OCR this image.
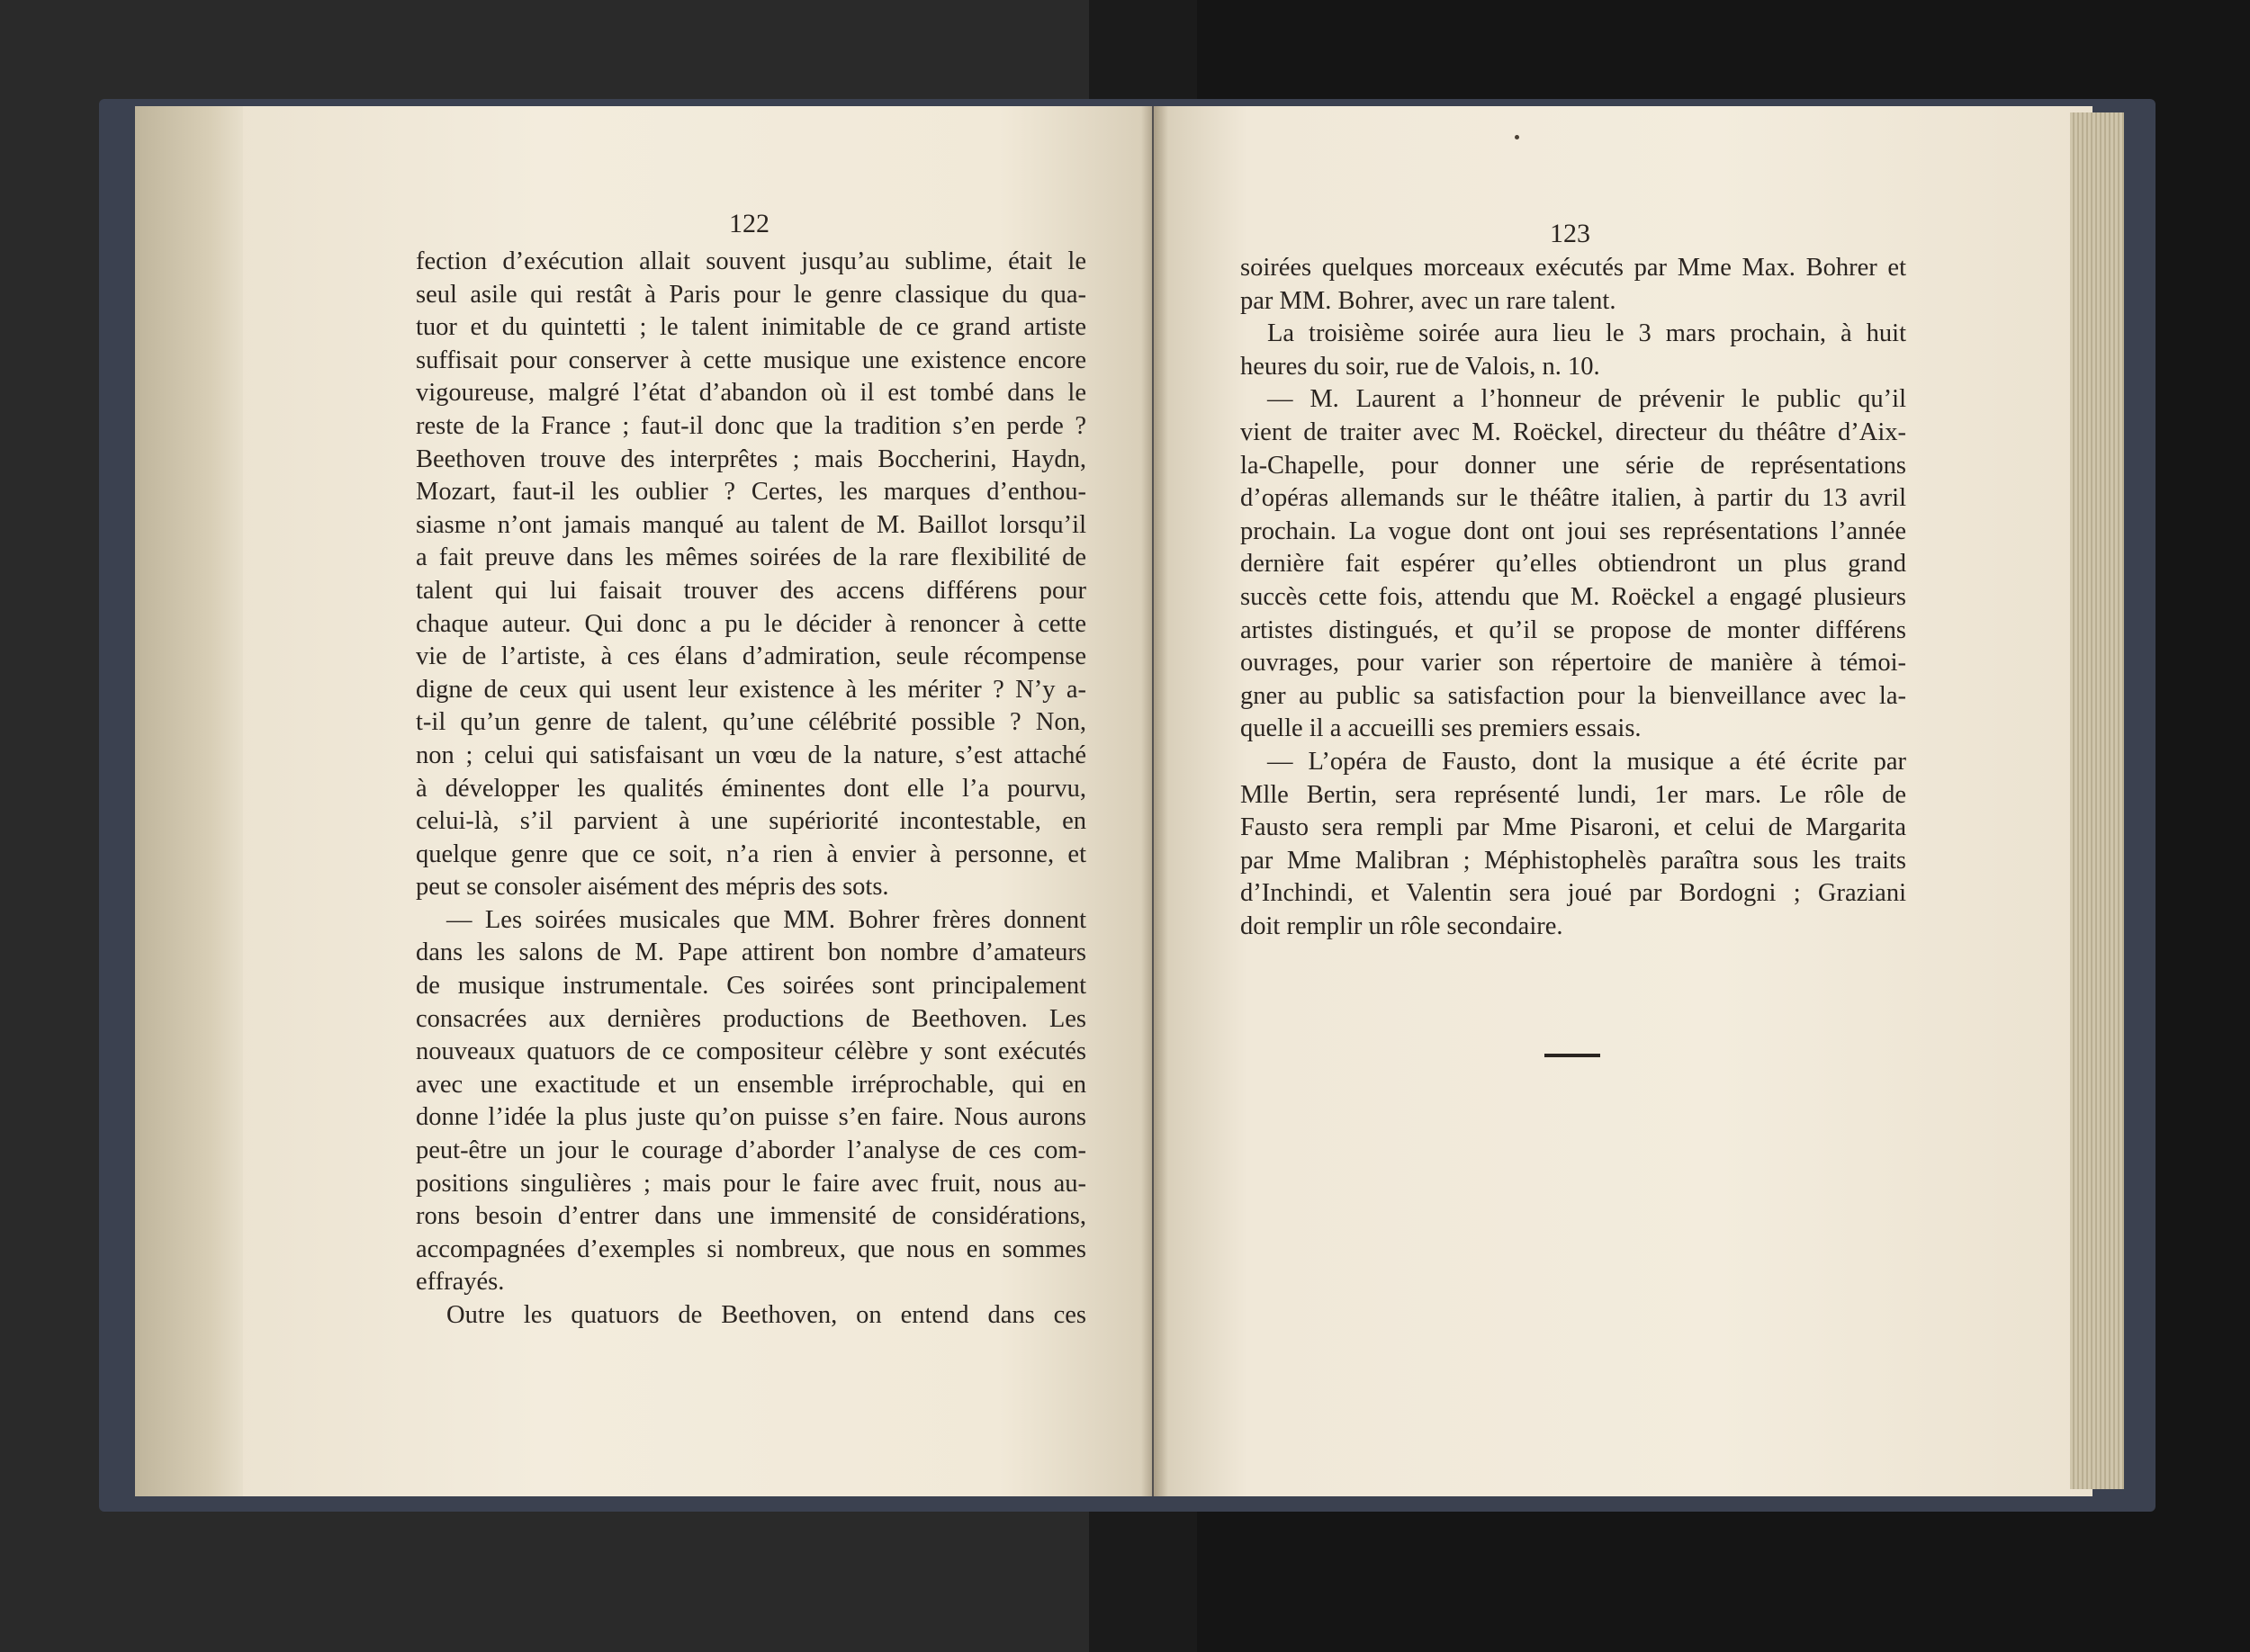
122	123
fection d’exécution allait souvent jusqu’au sublime, était le
seul asile qui restât à Paris pour le genre classique du qua-
tuor et du quintetti ; le talent inimitable de ce grand artiste
suffisait pour conserver à cette musique une existence encore
vigoureuse, malgré l’état d’abandon où il est tombé dans le
reste de la France ; faut-il donc que la tradition s’en perde ?
Beethoven trouve des interprêtes ; mais Boccherini, Haydn,
Mozart, faut-il les oublier ? Certes, les marques d’enthou-
siasme n’ont jamais manqué au talent de M. Baillot lorsqu’il
a fait preuve dans les mêmes soirées de la rare flexibilité de
talent qui lui faisait trouver des accens différens pour
chaque auteur. Qui donc a pu le décider à renoncer à cette
vie de l’artiste, à ces élans d’admiration, seule récompense
digne de ceux qui usent leur existence à les mériter ? N’y a-
t-il qu’un genre de talent, qu’une célébrité possible ? Non,
non ; celui qui satisfaisant un vœu de la nature, s’est attaché
à développer les qualités éminentes dont elle l’a pourvu,
celui-là, s’il parvient à une supériorité incontestable, en
quelque genre que ce soit, n’a rien à envier à personne, et
peut se consoler aisément des mépris des sots.
— Les soirées musicales que MM. Bohrer frères donnent
dans les salons de M. Pape attirent bon nombre d’amateurs
de musique instrumentale. Ces soirées sont principalement
consacrées aux dernières productions de Beethoven. Les
nouveaux quatuors de ce compositeur célèbre y sont exécutés
avec une exactitude et un ensemble irréprochable, qui en
donne l’idée la plus juste qu’on puisse s’en faire. Nous aurons
peut-être un jour le courage d’aborder l’analyse de ces com-
positions singulières ; mais pour le faire avec fruit, nous au-
rons besoin d’entrer dans une immensité de considérations,
accompagnées d’exemples si nombreux, que nous en sommes
effrayés.
Outre les quatuors de Beethoven, on entend dans ces
soirées quelques morceaux exécutés par Mme Max. Bohrer et
par MM. Bohrer, avec un rare talent.
La troisième soirée aura lieu le 3 mars prochain, à huit
heures du soir, rue de Valois, n. 10.
— M. Laurent a l’honneur de prévenir le public qu’il
vient de traiter avec M. Roëckel, directeur du théâtre d’Aix-
la-Chapelle, pour donner une série de représentations
d’opéras allemands sur le théâtre italien, à partir du 13 avril
prochain. La vogue dont ont joui ses représentations l’année
dernière fait espérer qu’elles obtiendront un plus grand
succès cette fois, attendu que M. Roëckel a engagé plusieurs
artistes distingués, et qu’il se propose de monter différens
ouvrages, pour varier son répertoire de manière à témoi-
gner au public sa satisfaction pour la bienveillance avec la-
quelle il a accueilli ses premiers essais.
— L’opéra de Fausto, dont la musique a été écrite par
Mlle Bertin, sera représenté lundi, 1er mars. Le rôle de
Fausto sera rempli par Mme Pisaroni, et celui de Margarita
par Mme Malibran ; Méphistophelès paraîtra sous les traits
d’Inchindi, et Valentin sera joué par Bordogni ; Graziani
doit remplir un rôle secondaire.
